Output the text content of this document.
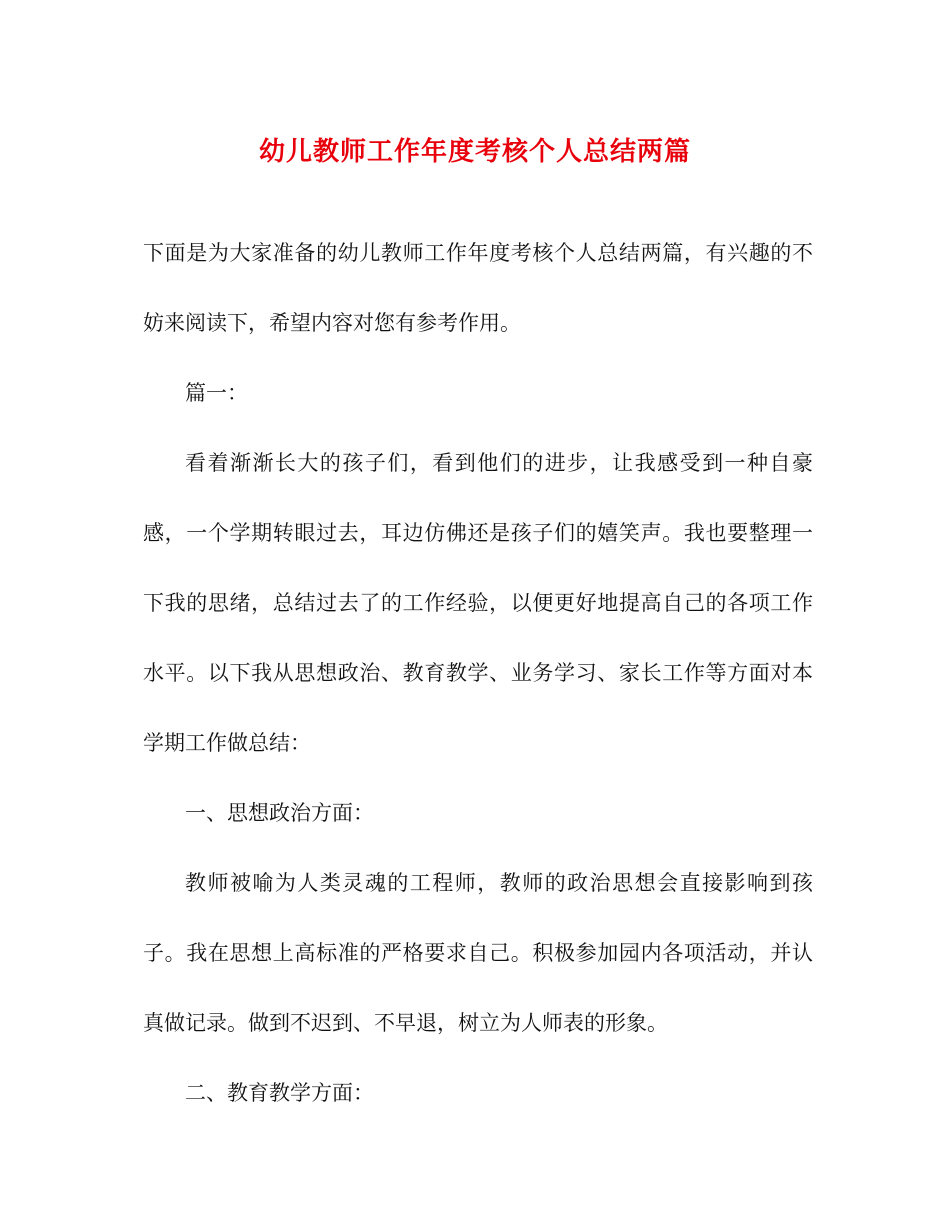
幼儿教师工作年度考核个人总结两篇

下面是为大家准备的幼儿教师工作年度考核个人总结两篇，有兴趣的不妨来阅读下，希望内容对您有参考作用。

篇一：

看着渐渐长大的孩子们，看到他们的进步，让我感受到一种自豪感，一个学期转眼过去，耳边仿佛还是孩子们的嬉笑声。我也要整理一下我的思绪，总结过去了的工作经验，以便更好地提高自己的各项工作水平。以下我从思想政治、教育教学、业务学习、家长工作等方面对本学期工作做总结：

一、思想政治方面：

教师被喻为人类灵魂的工程师，教师的政治思想会直接影响到孩子。我在思想上高标准的严格要求自己。积极参加园内各项活动，并认真做记录。做到不迟到、不早退，树立为人师表的形象。

二、教育教学方面：
